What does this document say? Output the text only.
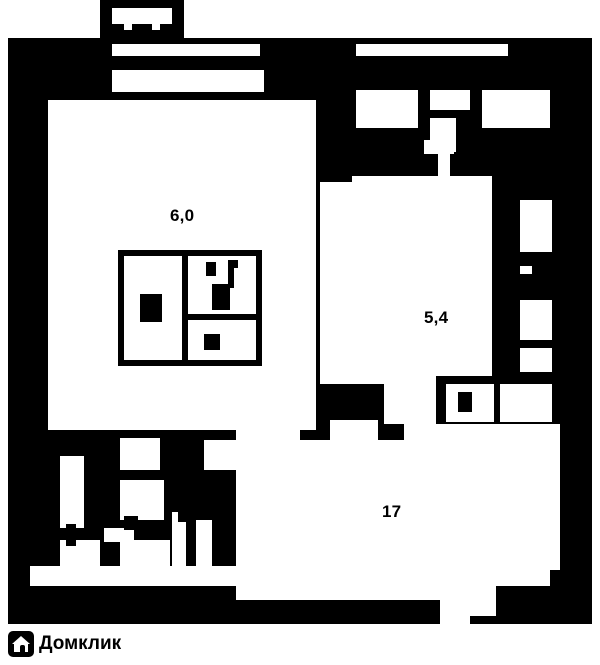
6,0
5,4
17
Домклик
